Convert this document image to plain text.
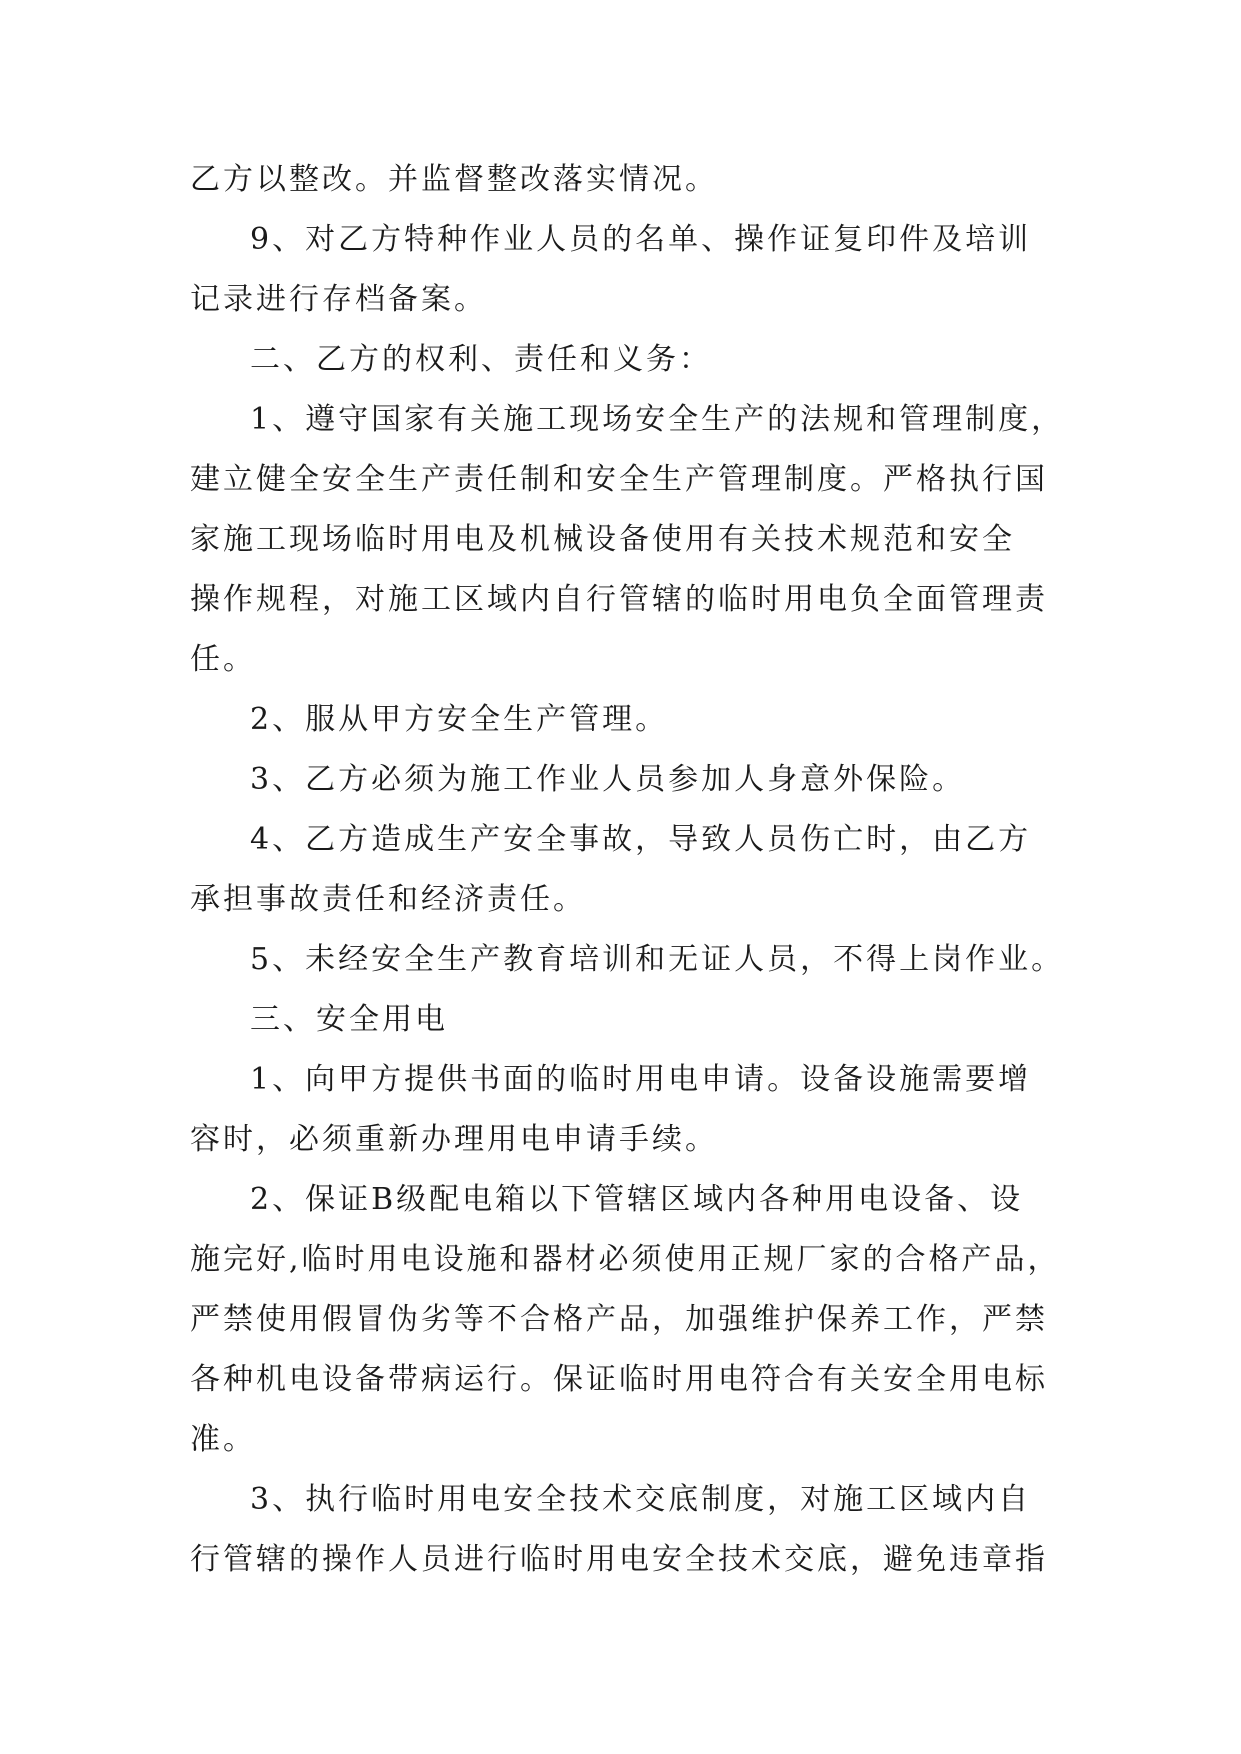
乙方以整改。并监督整改落实情况。
9、对乙方特种作业人员的名单、操作证复印件及培训
记录进行存档备案。
二、乙方的权利、责任和义务：
1、遵守国家有关施工现场安全生产的法规和管理制度，
建立健全安全生产责任制和安全生产管理制度。严格执行国
家施工现场临时用电及机械设备使用有关技术规范和安全
操作规程，对施工区域内自行管辖的临时用电负全面管理责
任。
2、服从甲方安全生产管理。
3、乙方必须为施工作业人员参加人身意外保险。
4、乙方造成生产安全事故，导致人员伤亡时，由乙方
承担事故责任和经济责任。
5、未经安全生产教育培训和无证人员，不得上岗作业。
三、安全用电
1、向甲方提供书面的临时用电申请。设备设施需要增
容时，必须重新办理用电申请手续。
2、保证B级配电箱以下管辖区域内各种用电设备、设
施完好,临时用电设施和器材必须使用正规厂家的合格产品，
严禁使用假冒伪劣等不合格产品，加强维护保养工作，严禁
各种机电设备带病运行。保证临时用电符合有关安全用电标
准。
3、执行临时用电安全技术交底制度，对施工区域内自
行管辖的操作人员进行临时用电安全技术交底，避免违章指
